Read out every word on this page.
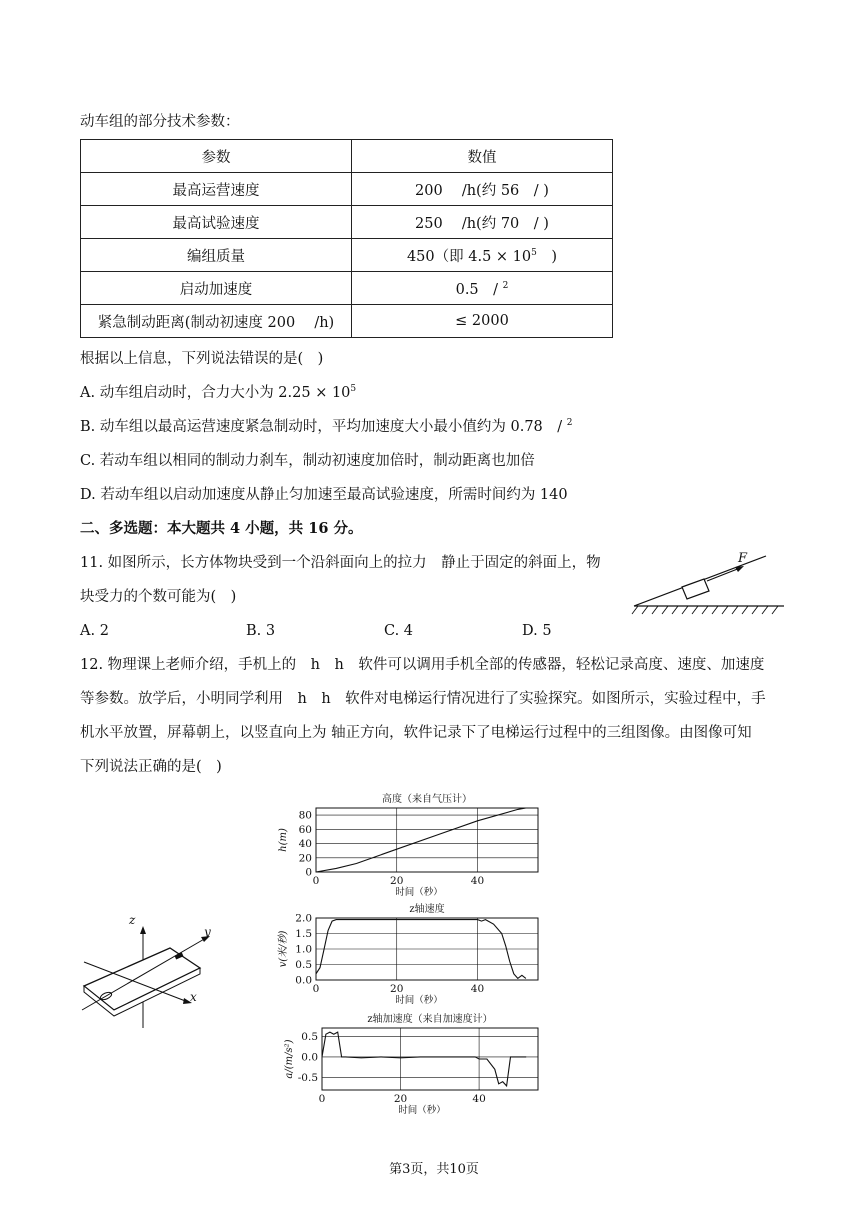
动车组的部分技术参数：
参数	数值
最高运营速度	200　 /h(约 56　/ )
最高试验速度	250　 /h(约 70　/ )
编组质量	450（即 $4.5 \times 10^5$　)
启动加速度	0.5　/ $^2$
紧急制动距离(制动初速度 200　 /h)	≤ 2000
根据以上信息，下列说法错误的是(　)
A. 动车组启动时，合力大小为 $2.25 \times 10^5$
B. 动车组以最高运营速度紧急制动时，平均加速度大小最小值约为 0.78　/ $^2$
C. 若动车组以相同的制动力刹车，制动初速度加倍时，制动距离也加倍
D. 若动车组以启动加速度从静止匀加速至最高试验速度，所需时间约为 140
二、多选题：本大题共 4 小题，共 16 分。
11. 如图所示，长方体物块受到一个沿斜面向上的拉力　静止于固定的斜面上，物
块受力的个数可能为(　)
A. 2	B. 3	C. 4	D. 5
F
12. 物理课上老师介绍，手机上的　h　h　软件可以调用手机全部的传感器，轻松记录高度、速度、加速度
等参数。放学后，小明同学利用　h　h　软件对电梯运行情况进行了实验探究。如图所示，实验过程中，手
机水平放置，屏幕朝上，以竖直向上为 轴正方向，软件记录下了电梯运行过程中的三组图像。由图像可知
下列说法正确的是(　)
z
x
y
高度（来自气压计）
0
20
40
60
80
0	20	40
时间（秒）
h(m)
z轴速度
0.0
0.5
1.0
1.5
2.0
0	20	40
时间（秒）
v(米/秒)
z轴加速度（来自加速度计）
-0.5
0.0
0.5
0	20	40
时间（秒）
a/(m/s²)
第3页，共10页
